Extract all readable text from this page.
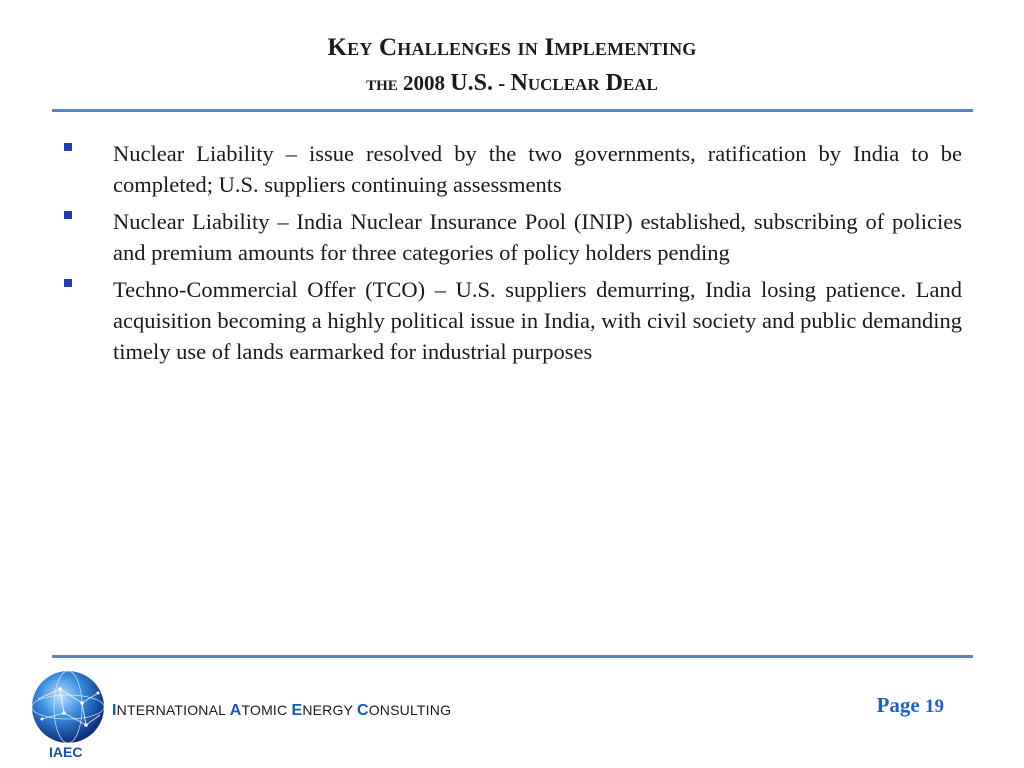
Key Challenges in Implementing
the 2008 U.S. - Nuclear Deal
Nuclear Liability – issue resolved by the two governments, ratification by India to be completed; U.S. suppliers continuing assessments
Nuclear Liability – India Nuclear Insurance Pool (INIP) established, subscribing of policies and premium amounts for three categories of policy holders pending
Techno-Commercial Offer (TCO) – U.S. suppliers demurring, India losing patience. Land acquisition becoming a highly political issue in India, with civil society and public demanding timely use of lands earmarked for industrial purposes
IAEC
INTERNATIONAL ATOMIC ENERGY CONSULTING	Page 19
